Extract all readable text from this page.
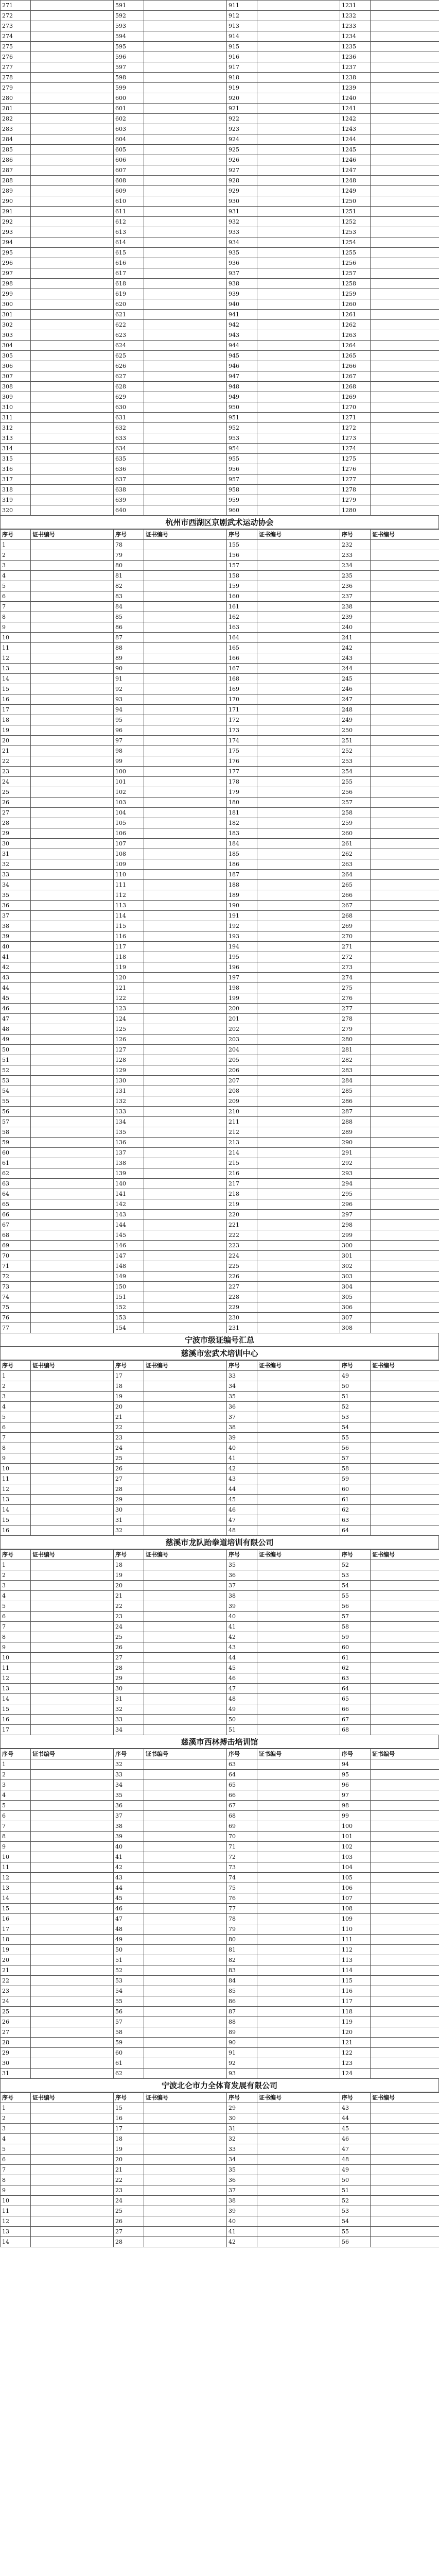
271		591		911		1231	
272		592		912		1232	
273		593		913		1233	
274		594		914		1234	
275		595		915		1235	
276		596		916		1236	
277		597		917		1237	
278		598		918		1238	
279		599		919		1239	
280		600		920		1240	
281		601		921		1241	
282		602		922		1242	
283		603		923		1243	
284		604		924		1244	
285		605		925		1245	
286		606		926		1246	
287		607		927		1247	
288		608		928		1248	
289		609		929		1249	
290		610		930		1250	
291		611		931		1251	
292		612		932		1252	
293		613		933		1253	
294		614		934		1254	
295		615		935		1255	
296		616		936		1256	
297		617		937		1257	
298		618		938		1258	
299		619		939		1259	
300		620		940		1260	
301		621		941		1261	
302		622		942		1262	
303		623		943		1263	
304		624		944		1264	
305		625		945		1265	
306		626		946		1266	
307		627		947		1267	
308		628		948		1268	
309		629		949		1269	
310		630		950		1270	
311		631		951		1271	
312		632		952		1272	
313		633		953		1273	
314		634		954		1274	
315		635		955		1275	
316		636		956		1276	
317		637		957		1277	
318		638		958		1278	
319		639		959		1279	
320		640		960		1280	
杭州市西湖区京剧武术运动协会
序号	证书编号	序号	证书编号	序号	证书编号	序号	证书编号
1		78		155		232	
2		79		156		233	
3		80		157		234	
4		81		158		235	
5		82		159		236	
6		83		160		237	
7		84		161		238	
8		85		162		239	
9		86		163		240	
10		87		164		241	
11		88		165		242	
12		89		166		243	
13		90		167		244	
14		91		168		245	
15		92		169		246	
16		93		170		247	
17		94		171		248	
18		95		172		249	
19		96		173		250	
20		97		174		251	
21		98		175		252	
22		99		176		253	
23		100		177		254	
24		101		178		255	
25		102		179		256	
26		103		180		257	
27		104		181		258	
28		105		182		259	
29		106		183		260	
30		107		184		261	
31		108		185		262	
32		109		186		263	
33		110		187		264	
34		111		188		265	
35		112		189		266	
36		113		190		267	
37		114		191		268	
38		115		192		269	
39		116		193		270	
40		117		194		271	
41		118		195		272	
42		119		196		273	
43		120		197		274	
44		121		198		275	
45		122		199		276	
46		123		200		277	
47		124		201		278	
48		125		202		279	
49		126		203		280	
50		127		204		281	
51		128		205		282	
52		129		206		283	
53		130		207		284	
54		131		208		285	
55		132		209		286	
56		133		210		287	
57		134		211		288	
58		135		212		289	
59		136		213		290	
60		137		214		291	
61		138		215		292	
62		139		216		293	
63		140		217		294	
64		141		218		295	
65		142		219		296	
66		143		220		297	
67		144		221		298	
68		145		222		299	
69		146		223		300	
70		147		224		301	
71		148		225		302	
72		149		226		303	
73		150		227		304	
74		151		228		305	
75		152		229		306	
76		153		230		307	
77		154		231		308	
宁波市级证编号汇总
慈溪市宏武术培训中心
序号	证书编号	序号	证书编号	序号	证书编号	序号	证书编号
1		17		33		49	
2		18		34		50	
3		19		35		51	
4		20		36		52	
5		21		37		53	
6		22		38		54	
7		23		39		55	
8		24		40		56	
9		25		41		57	
10		26		42		58	
11		27		43		59	
12		28		44		60	
13		29		45		61	
14		30		46		62	
15		31		47		63	
16		32		48		64	
慈溪市龙队跆拳道培训有限公司
序号	证书编号	序号	证书编号	序号	证书编号	序号	证书编号
1		18		35		52	
2		19		36		53	
3		20		37		54	
4		21		38		55	
5		22		39		56	
6		23		40		57	
7		24		41		58	
8		25		42		59	
9		26		43		60	
10		27		44		61	
11		28		45		62	
12		29		46		63	
13		30		47		64	
14		31		48		65	
15		32		49		66	
16		33		50		67	
17		34		51		68	
慈溪市西林搏击培训馆
序号	证书编号	序号	证书编号	序号	证书编号	序号	证书编号
1		32		63		94	
2		33		64		95	
3		34		65		96	
4		35		66		97	
5		36		67		98	
6		37		68		99	
7		38		69		100	
8		39		70		101	
9		40		71		102	
10		41		72		103	
11		42		73		104	
12		43		74		105	
13		44		75		106	
14		45		76		107	
15		46		77		108	
16		47		78		109	
17		48		79		110	
18		49		80		111	
19		50		81		112	
20		51		82		113	
21		52		83		114	
22		53		84		115	
23		54		85		116	
24		55		86		117	
25		56		87		118	
26		57		88		119	
27		58		89		120	
28		59		90		121	
29		60		91		122	
30		61		92		123	
31		62		93		124	
宁波北仑市力全体育发展有限公司
序号	证书编号	序号	证书编号	序号	证书编号	序号	证书编号
1		15		29		43	
2		16		30		44	
3		17		31		45	
4		18		32		46	
5		19		33		47	
6		20		34		48	
7		21		35		49	
8		22		36		50	
9		23		37		51	
10		24		38		52	
11		25		39		53	
12		26		40		54	
13		27		41		55	
14		28		42		56	
